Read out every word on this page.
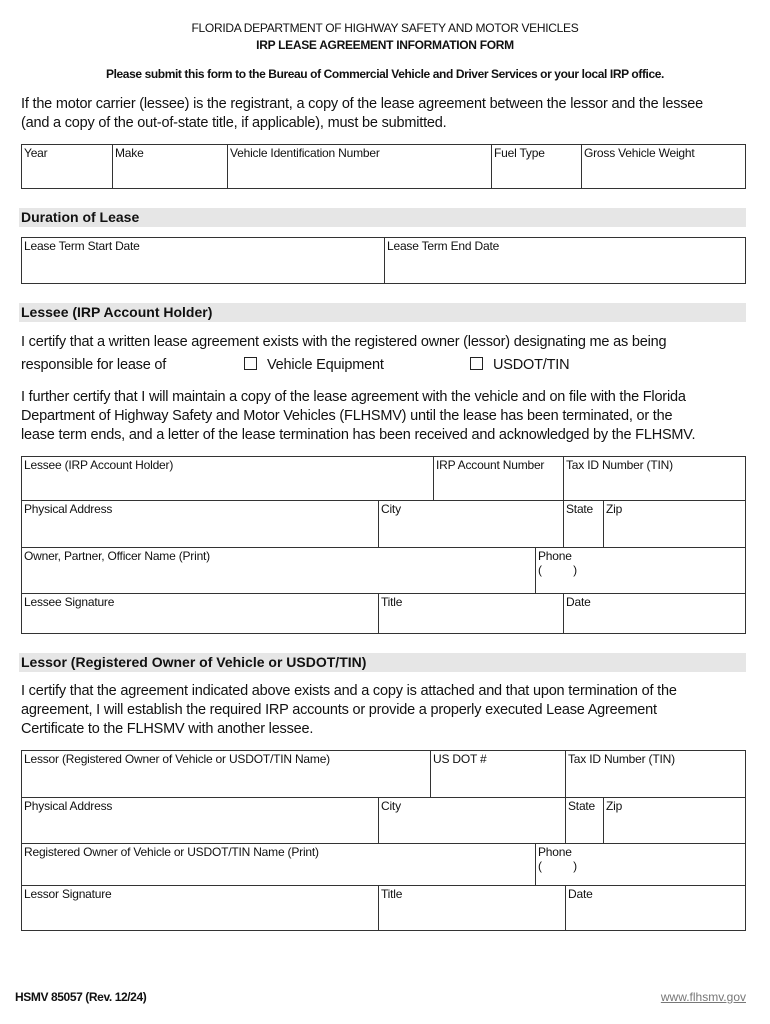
FLORIDA DEPARTMENT OF HIGHWAY SAFETY AND MOTOR VEHICLES
IRP LEASE AGREEMENT INFORMATION FORM
Please submit this form to the Bureau of Commercial Vehicle and Driver Services or your local IRP office.
If the motor carrier (lessee) is the registrant, a copy of the lease agreement between the lessor and the lessee
(and a copy of the out-of-state title, if applicable), must be submitted.
Year	Make	Vehicle Identification Number	Fuel Type	Gross Vehicle Weight
Duration of Lease
Lease Term Start Date	Lease Term End Date
Lessee (IRP Account Holder)
I certify that a written lease agreement exists with the registered owner (lessor) designating me as being
responsible for lease of	Vehicle Equipment	USDOT/TIN
I further certify that I will maintain a copy of the lease agreement with the vehicle and on file with the Florida
Department of Highway Safety and Motor Vehicles (FLHSMV) until the lease has been terminated, or the
lease term ends, and a letter of the lease termination has been received and acknowledged by the FLHSMV.
Lessee (IRP Account Holder)	IRP Account Number	Tax ID Number (TIN)
Physical Address	City	State	Zip
Owner, Partner, Officer Name (Print)	Phone
(          )
Lessee Signature	Title	Date
Lessor (Registered Owner of Vehicle or USDOT/TIN)
I certify that the agreement indicated above exists and a copy is attached and that upon termination of the
agreement, I will establish the required IRP accounts or provide a properly executed Lease Agreement
Certificate to the FLHSMV with another lessee.
Lessor (Registered Owner of Vehicle or USDOT/TIN Name)	US DOT #	Tax ID Number (TIN)
Physical Address	City	State Zip
Registered Owner of Vehicle or USDOT/TIN Name (Print)	Phone
(          )
Lessor Signature	Title	Date
HSMV 85057 (Rev. 12/24)	www.flhsmv.gov
